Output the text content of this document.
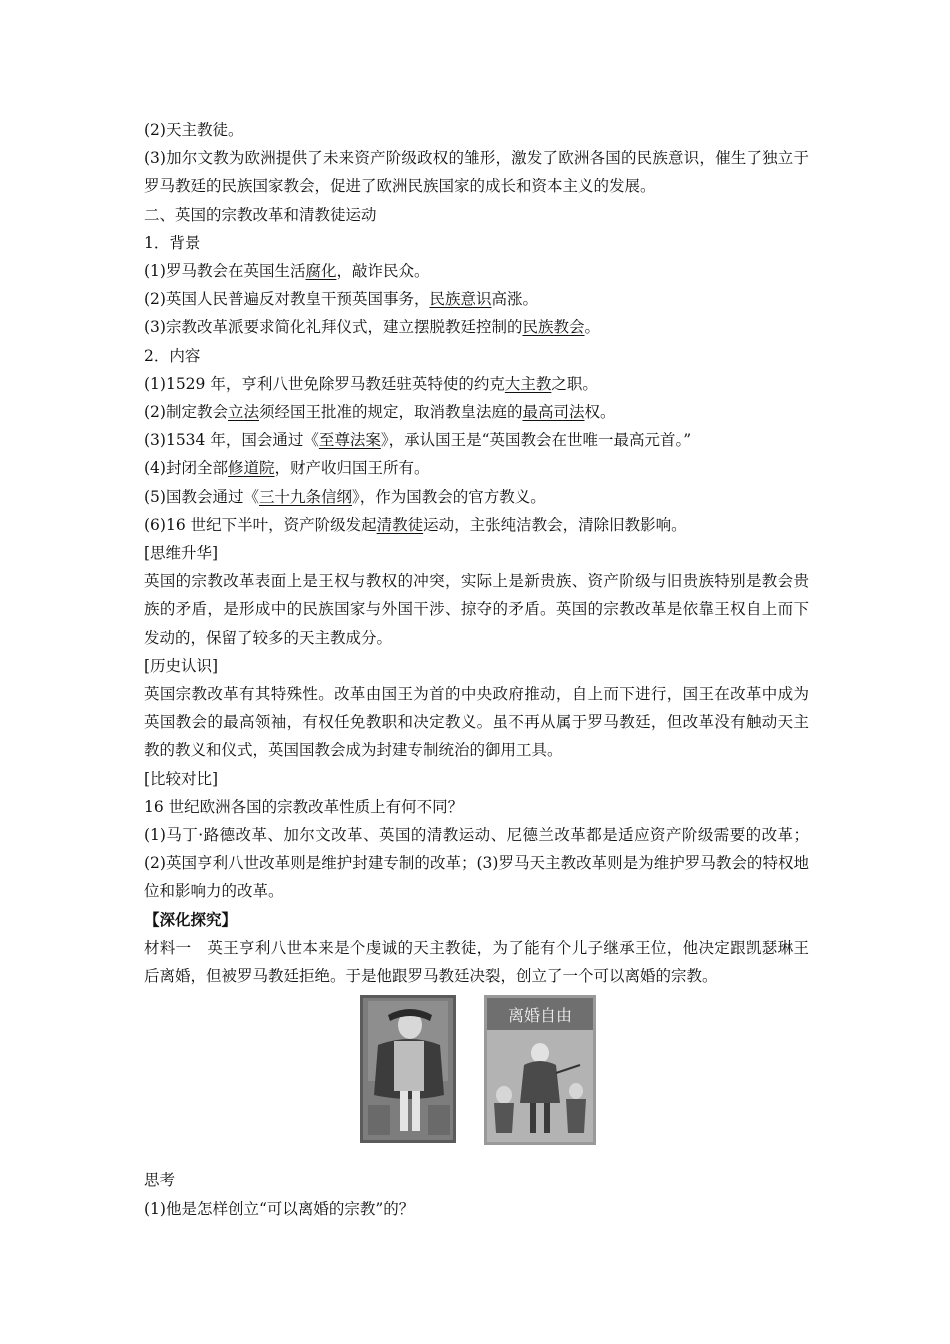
(2)天主教徒。
(3)加尔文教为欧洲提供了未来资产阶级政权的雏形，激发了欧洲各国的民族意识，催生了独立于罗马教廷的民族国家教会，促进了欧洲民族国家的成长和资本主义的发展。
二、英国的宗教改革和清教徒运动
1．背景
(1)罗马教会在英国生活腐化，敲诈民众。
(2)英国人民普遍反对教皇干预英国事务，民族意识高涨。
(3)宗教改革派要求简化礼拜仪式，建立摆脱教廷控制的民族教会。
2．内容
(1)1529 年，亨利八世免除罗马教廷驻英特使的约克大主教之职。
(2)制定教会立法须经国王批准的规定，取消教皇法庭的最高司法权。
(3)1534 年，国会通过《至尊法案》，承认国王是“英国教会在世唯一最高元首。”
(4)封闭全部修道院，财产收归国王所有。
(5)国教会通过《三十九条信纲》，作为国教会的官方教义。
(6)16 世纪下半叶，资产阶级发起清教徒运动，主张纯洁教会，清除旧教影响。
[思维升华]
英国的宗教改革表面上是王权与教权的冲突，实际上是新贵族、资产阶级与旧贵族特别是教会贵族的矛盾，是形成中的民族国家与外国干涉、掠夺的矛盾。英国的宗教改革是依靠王权自上而下发动的，保留了较多的天主教成分。
[历史认识]
英国宗教改革有其特殊性。改革由国王为首的中央政府推动，自上而下进行，国王在改革中成为英国教会的最高领袖，有权任免教职和决定教义。虽不再从属于罗马教廷，但改革没有触动天主教的教义和仪式，英国国教会成为封建专制统治的御用工具。
[比较对比]
16 世纪欧洲各国的宗教改革性质上有何不同？
(1)马丁·路德改革、加尔文改革、英国的清教运动、尼德兰改革都是适应资产阶级需要的改革；(2)英国亨利八世改革则是维护封建专制的改革；(3)罗马天主教改革则是为维护罗马教会的特权地位和影响力的改革。
【深化探究】
材料一　英王亨利八世本来是个虔诚的天主教徒，为了能有个儿子继承王位，他决定跟凯瑟琳王后离婚，但被罗马教廷拒绝。于是他跟罗马教廷决裂，创立了一个可以离婚的宗教。
离婚自由
思考
(1)他是怎样创立“可以离婚的宗教”的？
